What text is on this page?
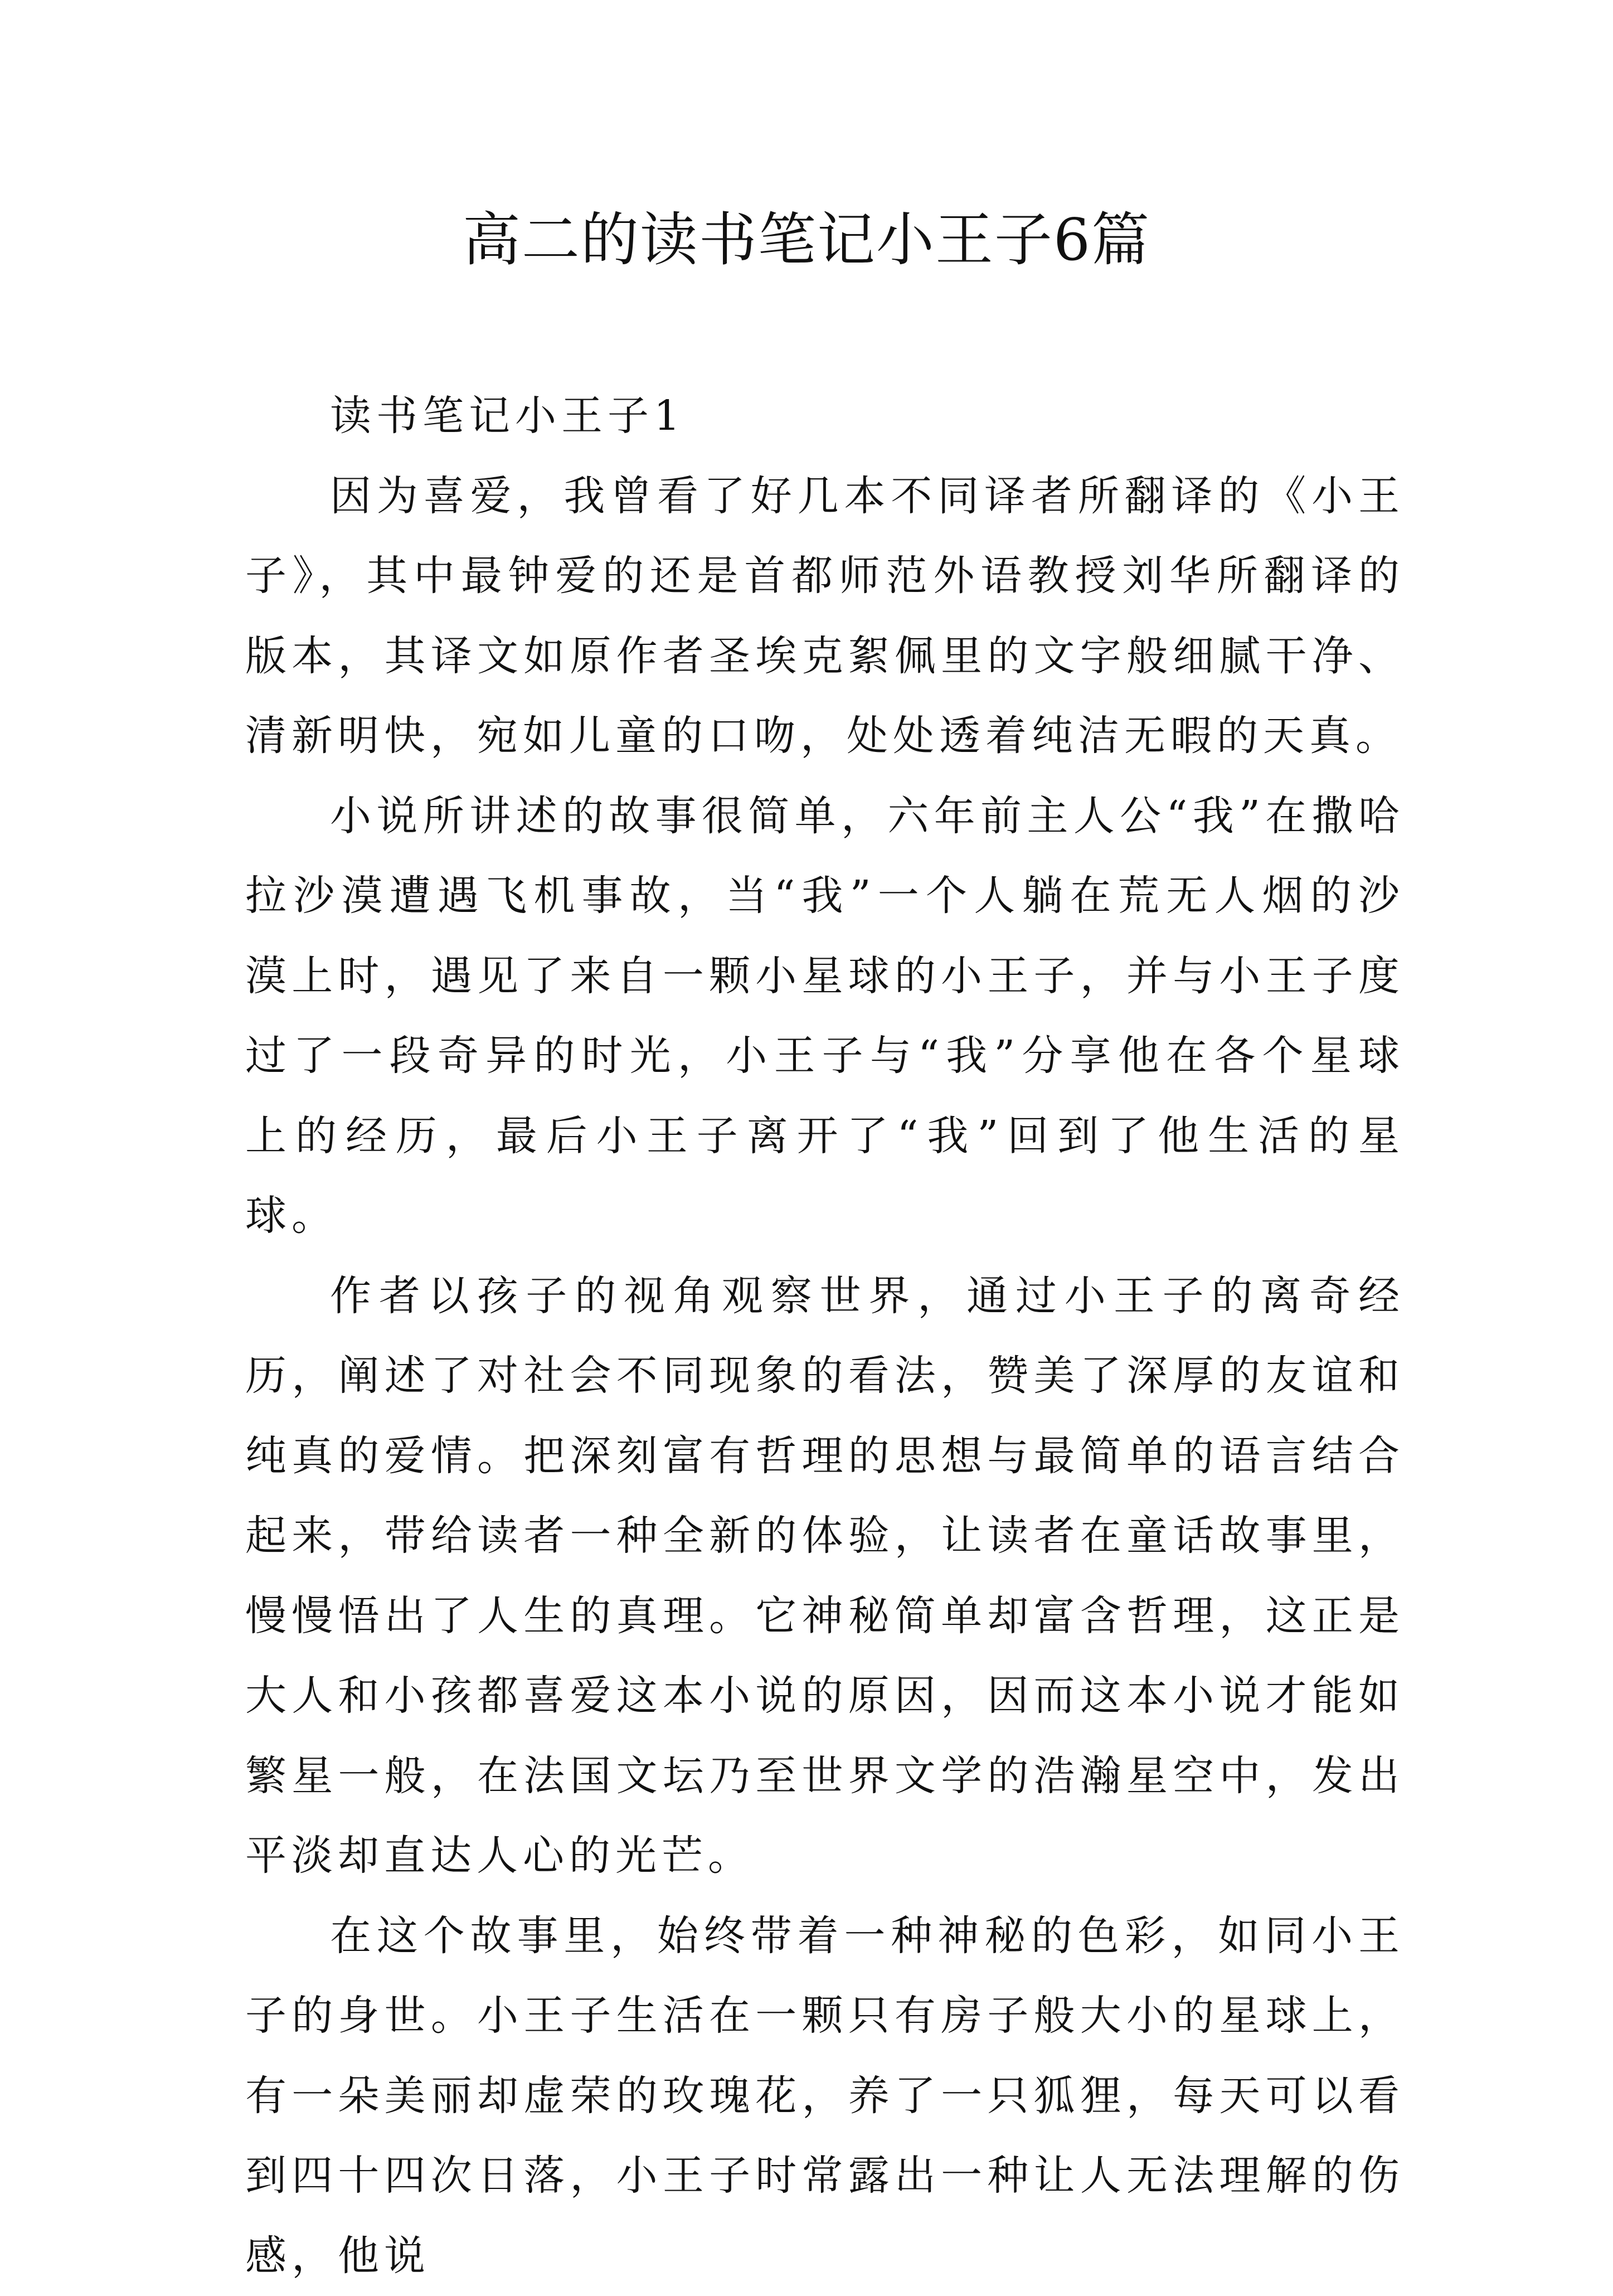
高二的读书笔记小王子6篇

读书笔记小王子1

因为喜爱，我曾看了好几本不同译者所翻译的《小王子》，其中最钟爱的还是首都师范外语教授刘华所翻译的版本，其译文如原作者圣埃克絮佩里的文字般细腻干净、清新明快，宛如儿童的口吻，处处透着纯洁无暇的天真。

小说所讲述的故事很简单，六年前主人公“我”在撒哈拉沙漠遭遇飞机事故，当“我”一个人躺在荒无人烟的沙漠上时，遇见了来自一颗小星球的小王子，并与小王子度过了一段奇异的时光，小王子与“我”分享他在各个星球上的经历，最后小王子离开了“我”回到了他生活的星球。

作者以孩子的视角观察世界，通过小王子的离奇经历，阐述了对社会不同现象的看法，赞美了深厚的友谊和纯真的爱情。把深刻富有哲理的思想与最简单的语言结合起来，带给读者一种全新的体验，让读者在童话故事里，慢慢悟出了人生的真理。它神秘简单却富含哲理，这正是大人和小孩都喜爱这本小说的原因，因而这本小说才能如繁星一般，在法国文坛乃至世界文学的浩瀚星空中，发出平淡却直达人心的光芒。

在这个故事里，始终带着一种神秘的色彩，如同小王子的身世。小王子生活在一颗只有房子般大小的星球上，有一朵美丽却虚荣的玫瑰花，养了一只狐狸，每天可以看到四十四次日落，小王子时常露出一种让人无法理解的伤感，他说
